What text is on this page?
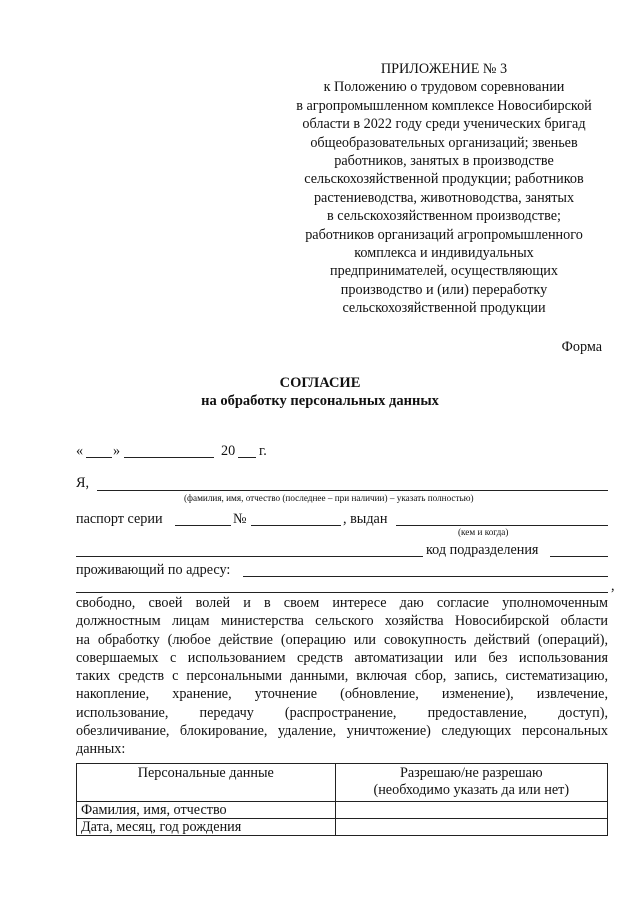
ПРИЛОЖЕНИЕ № 3
к Положению о трудовом соревновании
в агропромышленном комплексе Новосибирской
области в 2022 году среди ученических бригад
общеобразовательных организаций; звеньев
работников, занятых в производстве
сельскохозяйственной продукции; работников
растениеводства, животноводства, занятых
в сельскохозяйственном производстве;
работников организаций агропромышленного
комплекса и индивидуальных
предпринимателей, осуществляющих
производство и (или) переработку
сельскохозяйственной продукции
Форма
СОГЛАСИЕ
на обработку персональных данных
« »	20 г.
Я,
(фамилия, имя, отчество (последнее – при наличии) – указать полностью)
паспорт серии	№	, выдан
(кем и когда)
код подразделения
проживающий по адресу:
,
свободно, своей волей и в своем интересе даю согласие уполномоченным
должностным лицам министерства сельского хозяйства Новосибирской области
на обработку (любое действие (операцию или совокупность действий (операций),
совершаемых с использованием средств автоматизации или без использования
таких средств с персональными данными, включая сбор, запись, систематизацию,
накопление, хранение, уточнение (обновление, изменение), извлечение,
использование, передачу (распространение, предоставление, доступ),
обезличивание, блокирование, удаление, уничтожение) следующих персональных
данных:
Персональные данные	Разрешаю/не разрешаю
(необходимо указать да или нет)

Фамилия, имя, отчество	
Дата, месяц, год рождения	
